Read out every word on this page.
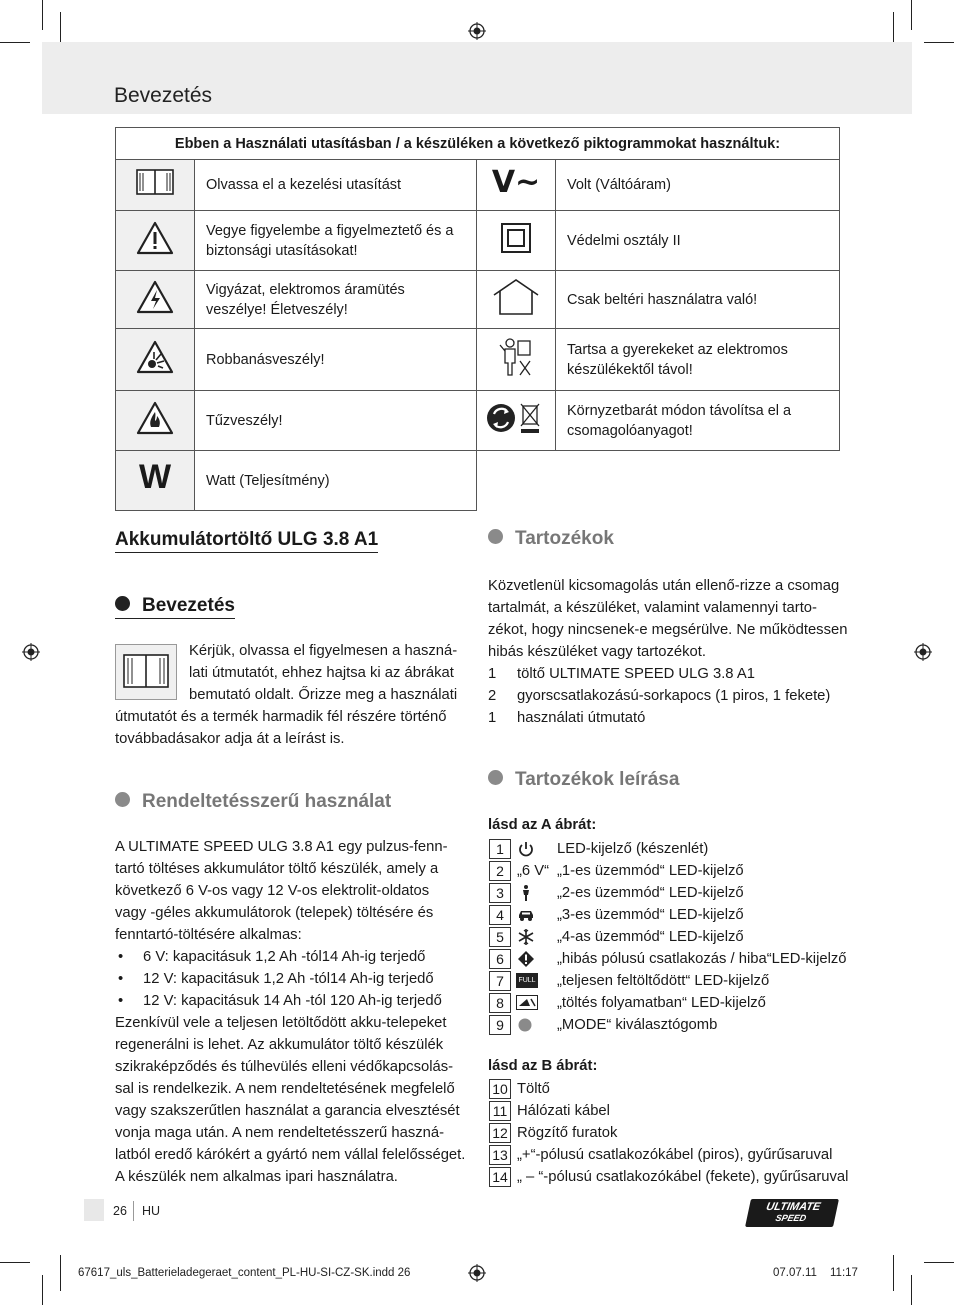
Bevezetés
Ebben a Használati utasításban / a készüléken a következő piktogrammokat használtuk:			
	Olvassa el a kezelési utasítást	V~	Volt (Váltóáram)
	Vegye figyelembe a figyelmeztető és a biztonsági utasításokat!		Védelmi osztály II
	Vigyázat, elektromos áramütés veszélye! Életveszély!		Csak beltéri használatra való!
	Robbanásveszély!		Tartsa a gyerekeket az elektromos készülékektől távol!
	Tűzveszély!		Környzetbarát módon távolítsa el a csomagolóanyagot!
W	Watt (Teljesítmény)		
Akkumulátortöltő ULG 3.8 A1
Bevezetés
Kérjük, olvassa el figyelmesen a haszná-
lati útmutatót, ehhez hajtsa ki az ábrákat
bemutató oldalt. Őrizze meg a használati
útmutatót és a termék harmadik fél részére történő
továbbadásakor adja át a leírást is.
Rendeltetésszerű használat
A ULTIMATE SPEED ULG 3.8 A1 egy pulzus-fenn-
tartó töltéses akkumulátor töltő készülék, amely a
következő 6 V-os vagy 12 V-os elektrolit-oldatos
vagy -géles akkumulátorok (telepek) töltésére és
fenntartó-töltésére alkalmas:
• 6 V: kapacitásuk 1,2 Ah -tól14 Ah-ig terjedő
• 12 V: kapacitásuk 1,2 Ah -tól14 Ah-ig terjedő
• 12 V: kapacitásuk 14 Ah -tól 120 Ah-ig terjedő
Ezenkívül vele a teljesen letöltődött akku-telepeket
regenerálni is lehet. Az akkumulátor töltő készülék
szikraképződés és túlhevülés elleni védőkapcsolás-
sal is rendelkezik. A nem rendeltetésének megfelelő
vagy szakszerűtlen használat a garancia elvesztését
vonja maga után. A nem rendeltetésszerű haszná-
latból eredő kárókért a gyártó nem vállal felelősséget.
A készülék nem alkalmas ipari használatra.
Tartozékok
Közvetlenül kicsomagolás után ellenő-rizze a csomag
tartalmát, a készüléket, valamint valamennyi tarto-
zékot, hogy nincsenek-e megsérülve. Ne működtessen
hibás készüléket vagy tartozékot.
1 töltő ULTIMATE SPEED ULG 3.8 A1
2 gyorscsatlakozású-sorkapocs (1 piros, 1 fekete)
1 használati útmutató
Tartozékok leírása
lásd az A ábrát:
1	LED-kijelző (készenlét)
2 „6 V“ „1-es üzemmód“ LED-kijelző
3	„2-es üzemmód“ LED-kijelző
4	„3-es üzemmód“ LED-kijelző
5	„4-as üzemmód“ LED-kijelző
6	„hibás pólusú csatlakozás / hiba“LED-kijelző
7	FULL „teljesen feltöltődött“ LED-kijelző
8	„töltés folyamatban“ LED-kijelző
9	„MODE“ kiválasztógomb
lásd az B ábrát:
10 Töltő
11 Hálózati kábel
12 Rögzítő furatok
13 „+“-pólusú csatlakozókábel (piros), gyűrűsaruval
14 „ – “-pólusú csatlakozókábel (fekete), gyűrűsaruval
26 HU	ULTIMATE
SPEED
67617_uls_Batterieladegeraet_content_PL-HU-SI-CZ-SK.indd 26	07.07.11 11:17
